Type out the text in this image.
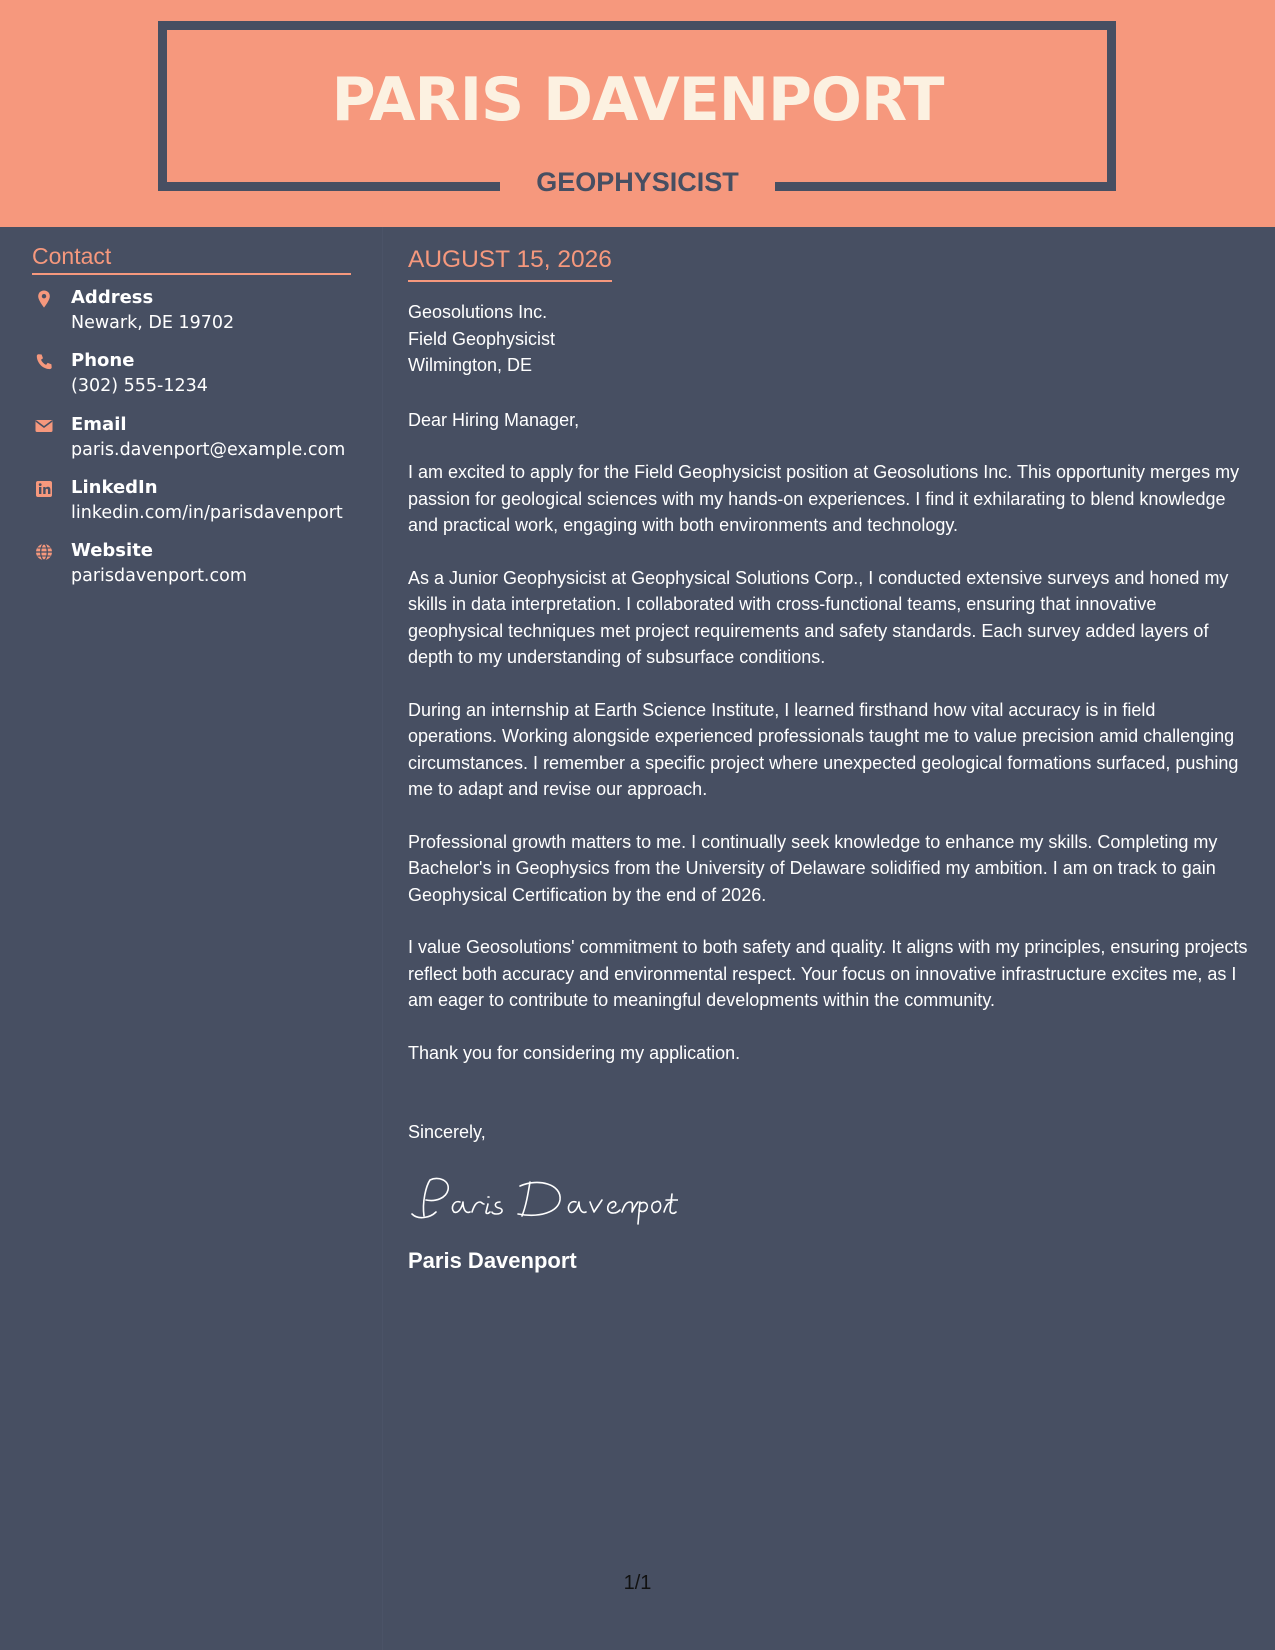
PARIS DAVENPORT
GEOPHYSICIST
Contact
Address
Newark, DE 19702
Phone
(302) 555-1234
Email
paris.davenport@example.com
LinkedIn
linkedin.com/in/parisdavenport
Website
parisdavenport.com
AUGUST 15, 2026
Geosolutions Inc.
Field Geophysicist
Wilmington, DE
Dear Hiring Manager,
I am excited to apply for the Field Geophysicist position at Geosolutions Inc. This opportunity merges my passion for geological sciences with my hands-on experiences. I find it exhilarating to blend knowledge and practical work, engaging with both environments and technology.
As a Junior Geophysicist at Geophysical Solutions Corp., I conducted extensive surveys and honed my skills in data interpretation. I collaborated with cross-functional teams, ensuring that innovative geophysical techniques met project requirements and safety standards. Each survey added layers of depth to my understanding of subsurface conditions.
During an internship at Earth Science Institute, I learned firsthand how vital accuracy is in field operations. Working alongside experienced professionals taught me to value precision amid challenging circumstances. I remember a specific project where unexpected geological formations surfaced, pushing me to adapt and revise our approach.
Professional growth matters to me. I continually seek knowledge to enhance my skills. Completing my Bachelor's in Geophysics from the University of Delaware solidified my ambition. I am on track to gain Geophysical Certification by the end of 2026.
I value Geosolutions' commitment to both safety and quality. It aligns with my principles, ensuring projects reflect both accuracy and environmental respect. Your focus on innovative infrastructure excites me, as I am eager to contribute to meaningful developments within the community.
Thank you for considering my application.
Sincerely,
Paris Davenport
1/1
